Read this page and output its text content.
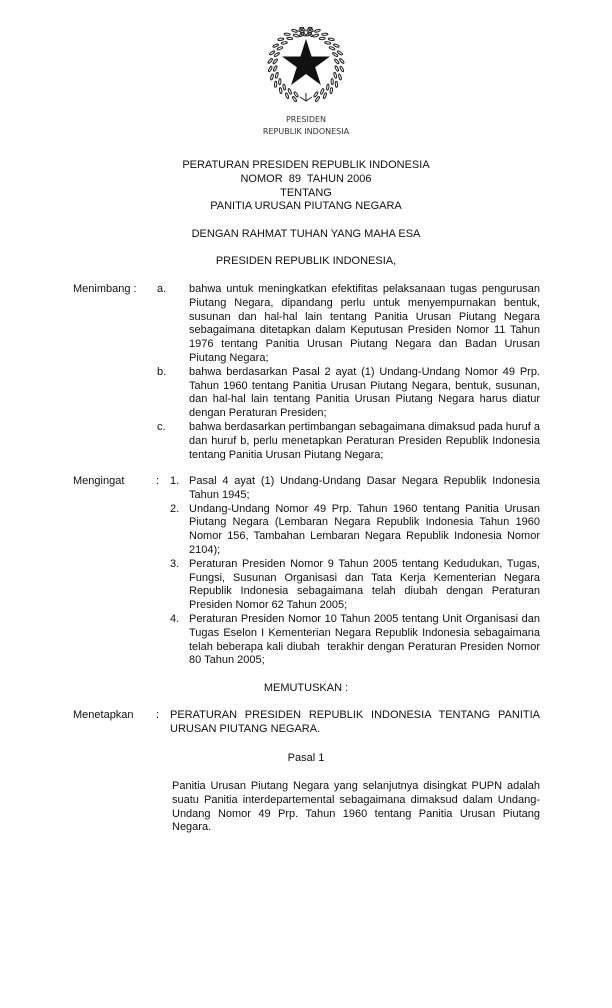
PRESIDEN
REPUBLIK INDONESIA
PERATURAN PRESIDEN REPUBLIK INDONESIA
NOMOR  89  TAHUN 2006
TENTANG
PANITIA URUSAN PIUTANG NEGARA
DENGAN RAHMAT TUHAN YANG MAHA ESA
PRESIDEN REPUBLIK INDONESIA,
Menimbang : a. bahwa untuk meningkatkan efektifitas pelaksanaan tugas pengurusan Piutang Negara, dipandang perlu untuk menyempurnakan bentuk, susunan dan hal-hal lain tentang Panitia Urusan Piutang Negara sebagaimana ditetapkan dalam Keputusan Presiden Nomor 11 Tahun 1976 tentang Panitia Urusan Piutang Negara dan Badan Urusan Piutang Negara;
b. bahwa berdasarkan Pasal 2 ayat (1) Undang-Undang Nomor 49 Prp. Tahun 1960 tentang Panitia Urusan Piutang Negara, bentuk, susunan, dan hal-hal lain tentang Panitia Urusan Piutang Negara harus diatur dengan Peraturan Presiden;
c. bahwa berdasarkan pertimbangan sebagaimana dimaksud pada huruf a dan huruf b, perlu menetapkan Peraturan Presiden Republik Indonesia tentang Panitia Urusan Piutang Negara;
Mengingat	: 1. Pasal 4 ayat (1) Undang-Undang Dasar Negara Republik Indonesia Tahun 1945;
2. Undang-Undang Nomor 49 Prp. Tahun 1960 tentang Panitia Urusan Piutang Negara (Lembaran Negara Republik Indonesia Tahun 1960 Nomor 156, Tambahan Lembaran Negara Republik Indonesia Nomor 2104);
3. Peraturan Presiden Nomor 9 Tahun 2005 tentang Kedudukan, Tugas, Fungsi, Susunan Organisasi dan Tata Kerja Kementerian Negara Republik Indonesia sebagaimana telah diubah dengan Peraturan Presiden Nomor 62 Tahun 2005;
4. Peraturan Presiden Nomor 10 Tahun 2005 tentang Unit Organisasi dan Tugas Eselon I Kementerian Negara Republik Indonesia sebagaimana telah beberapa kali diubah  terakhir dengan Peraturan Presiden Nomor 80 Tahun 2005;
MEMUTUSKAN :
Menetapkan : PERATURAN PRESIDEN REPUBLIK INDONESIA TENTANG PANITIA URUSAN PIUTANG NEGARA.
Pasal 1
Panitia Urusan Piutang Negara yang selanjutnya disingkat PUPN adalah suatu Panitia interdepartemental sebagaimana dimaksud dalam Undang-Undang Nomor 49 Prp. Tahun 1960 tentang Panitia Urusan Piutang Negara.
